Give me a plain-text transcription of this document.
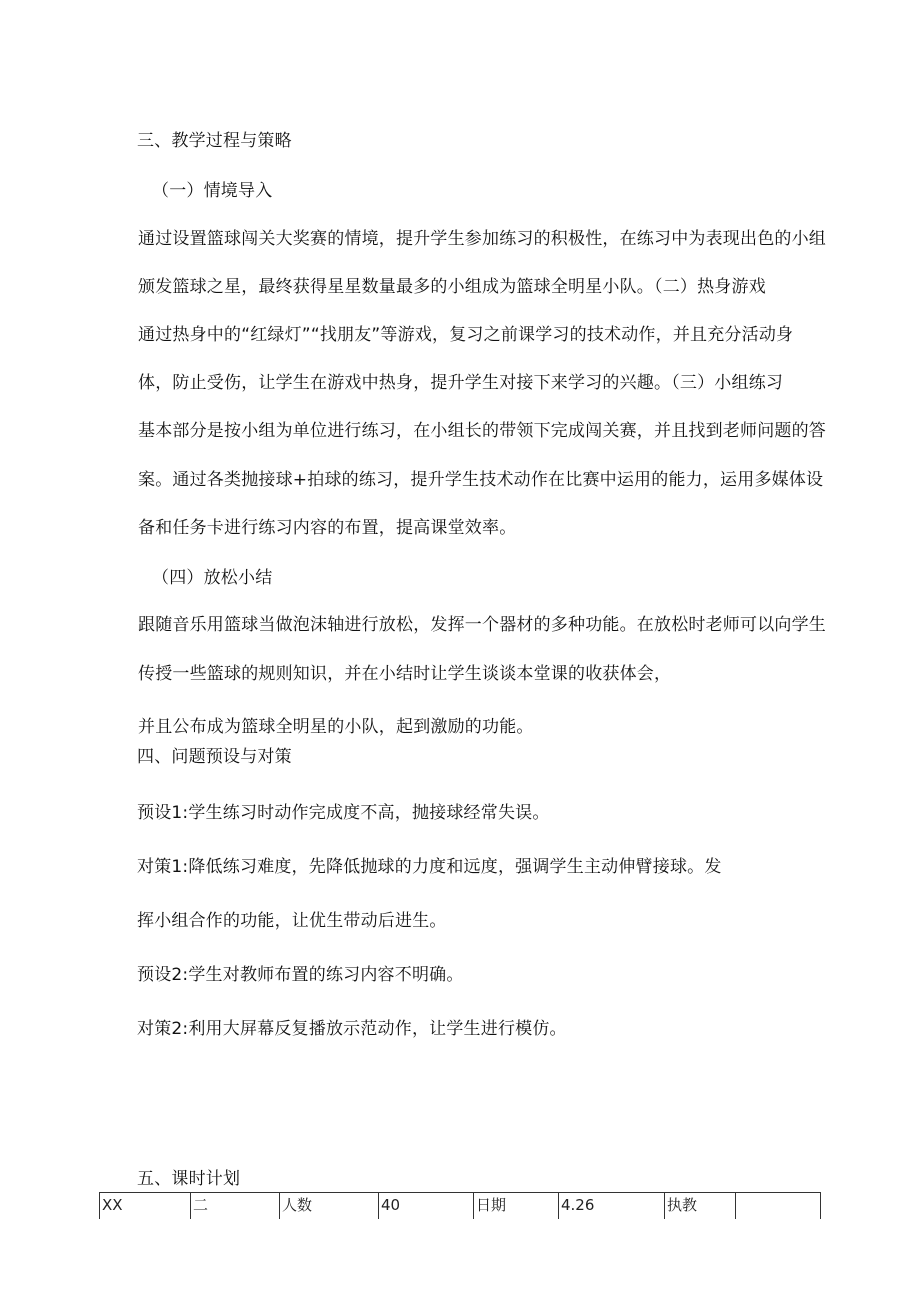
三、教学过程与策略
（一）情境导入
通过设置篮球闯关大奖赛的情境，提升学生参加练习的积极性，在练习中为表现出色的小组
颁发篮球之星，最终获得星星数量最多的小组成为篮球全明星小队。（二）热身游戏
通过热身中的“红绿灯”“找朋友”等游戏，复习之前课学习的技术动作，并且充分活动身
体，防止受伤，让学生在游戏中热身，提升学生对接下来学习的兴趣。（三）小组练习
基本部分是按小组为单位进行练习，在小组长的带领下完成闯关赛，并且找到老师问题的答
案。通过各类抛接球+拍球的练习，提升学生技术动作在比赛中运用的能力，运用多媒体设
备和任务卡进行练习内容的布置，提高课堂效率。
（四）放松小结
跟随音乐用篮球当做泡沫轴进行放松，发挥一个器材的多种功能。在放松时老师可以向学生
传授一些篮球的规则知识，并在小结时让学生谈谈本堂课的收获体会，
并且公布成为篮球全明星的小队，起到激励的功能。
四、问题预设与对策
预设1:学生练习时动作完成度不高，抛接球经常失误。
对策1:降低练习难度，先降低抛球的力度和远度，强调学生主动伸臂接球。发
挥小组合作的功能，让优生带动后进生。
预设2:学生对教师布置的练习内容不明确。
对策2:利用大屏幕反复播放示范动作，让学生进行模仿。
五、课时计划
XX	二	人数	40	日期	4.26	执教	
